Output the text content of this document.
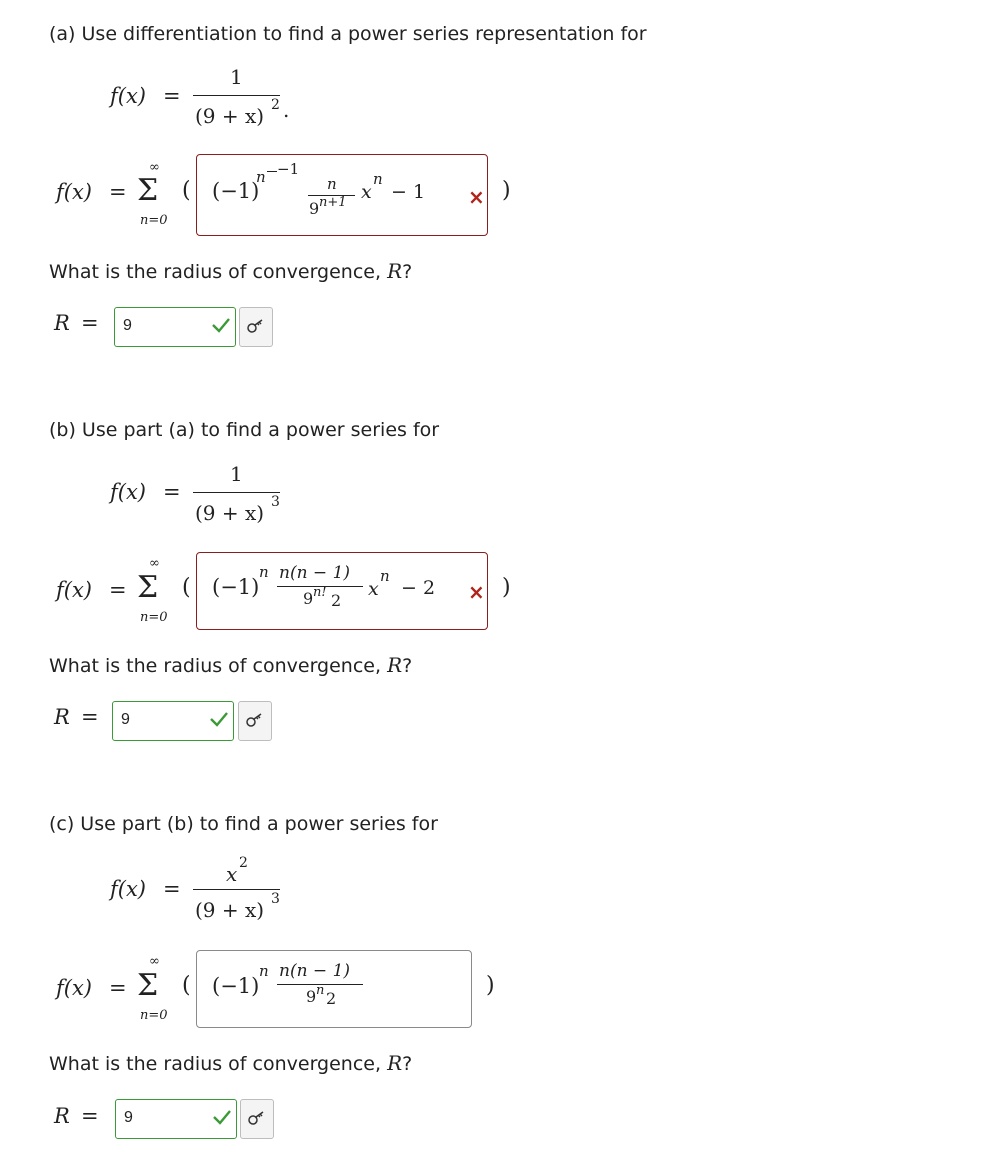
(a) Use differentiation to find a power series representation for
f(x) =
1
(9 + x) 2 .
f(x) =
∞
Σ
n=0
( (−1)
n −1
n
9 n+1 x
n
− 1 × )
What is the radius of convergence, R?
R = 9
(b) Use part (a) to find a power series for
f(x) =
1
(9 + x) 3
f(x) =
∞
Σ
n=0
( (−1)
n n(n − 1)
9 n! 2
x
n
− 2 × )
What is the radius of convergence, R?
R = 9
(c) Use part (b) to find a power series for
f(x) =
x 2
(9 + x) 3
f(x) =
∞
Σ
n=0
( (−1)
n n(n − 1)
9 n 2
)
What is the radius of convergence, R?
R = 9
